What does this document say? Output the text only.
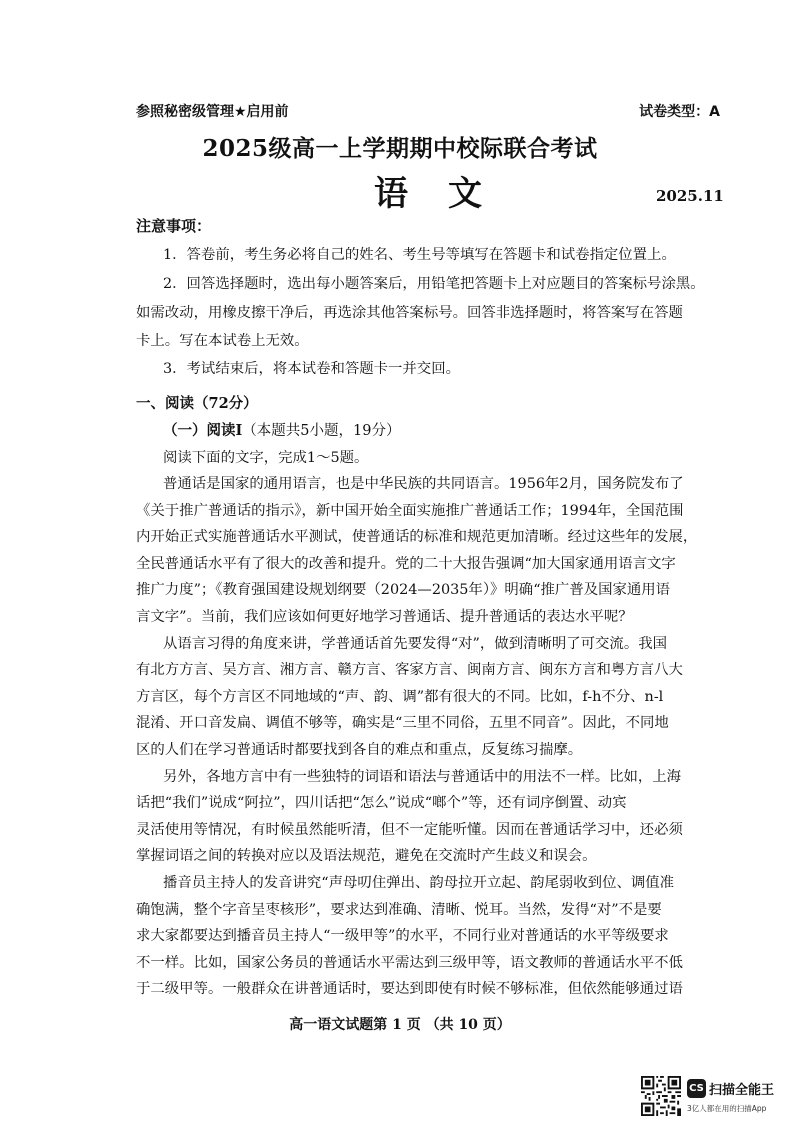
参照秘密级管理★启用前	试卷类型：A
2025级高一上学期期中校际联合考试
语文	2025.11
注意事项：
1．答卷前，考生务必将自己的姓名、考生号等填写在答题卡和试卷指定位置上。
2．回答选择题时，选出每小题答案后，用铅笔把答题卡上对应题目的答案标号涂黑。
如需改动，用橡皮擦干净后，再选涂其他答案标号。回答非选择题时，将答案写在答题
卡上。写在本试卷上无效。
3．考试结束后，将本试卷和答题卡一并交回。
一、阅读（72分）
（一）阅读Ⅰ（本题共5小题，19分）
阅读下面的文字，完成1～5题。
普通话是国家的通用语言，也是中华民族的共同语言。1956年2月，国务院发布了
《关于推广普通话的指示》，新中国开始全面实施推广普通话工作；1994年，全国范围
内开始正式实施普通话水平测试，使普通话的标准和规范更加清晰。经过这些年的发展，
全民普通话水平有了很大的改善和提升。党的二十大报告强调“加大国家通用语言文字
推广力度”；《教育强国建设规划纲要（2024—2035年）》明确“推广普及国家通用语
言文字”。当前，我们应该如何更好地学习普通话、提升普通话的表达水平呢？
从语言习得的角度来讲，学普通话首先要发得“对”，做到清晰明了可交流。我国
有北方方言、吴方言、湘方言、赣方言、客家方言、闽南方言、闽东方言和粤方言八大
方言区，每个方言区不同地域的“声、韵、调”都有很大的不同。比如，f-h不分、n-l
混淆、开口音发扁、调值不够等，确实是“三里不同俗，五里不同音”。因此，不同地
区的人们在学习普通话时都要找到各自的难点和重点，反复练习揣摩。
另外，各地方言中有一些独特的词语和语法与普通话中的用法不一样。比如，上海
话把“我们”说成“阿拉”，四川话把“怎么”说成“啷个”等，还有词序倒置、动宾
灵活使用等情况，有时候虽然能听清，但不一定能听懂。因而在普通话学习中，还必须
掌握词语之间的转换对应以及语法规范，避免在交流时产生歧义和误会。
播音员主持人的发音讲究“声母叨住弹出、韵母拉开立起、韵尾弱收到位、调值准
确饱满，整个字音呈枣核形”，要求达到准确、清晰、悦耳。当然，发得“对”不是要
求大家都要达到播音员主持人“一级甲等”的水平，不同行业对普通话的水平等级要求
不一样。比如，国家公务员的普通话水平需达到三级甲等，语文教师的普通话水平不低
高一语文试题第 1 页 （共 10 页）
CS 扫描全能王
3亿人都在用的扫描App
于二级甲等。一般群众在讲普通话时，要达到即使有时候不够标准，但依然能够通过语
